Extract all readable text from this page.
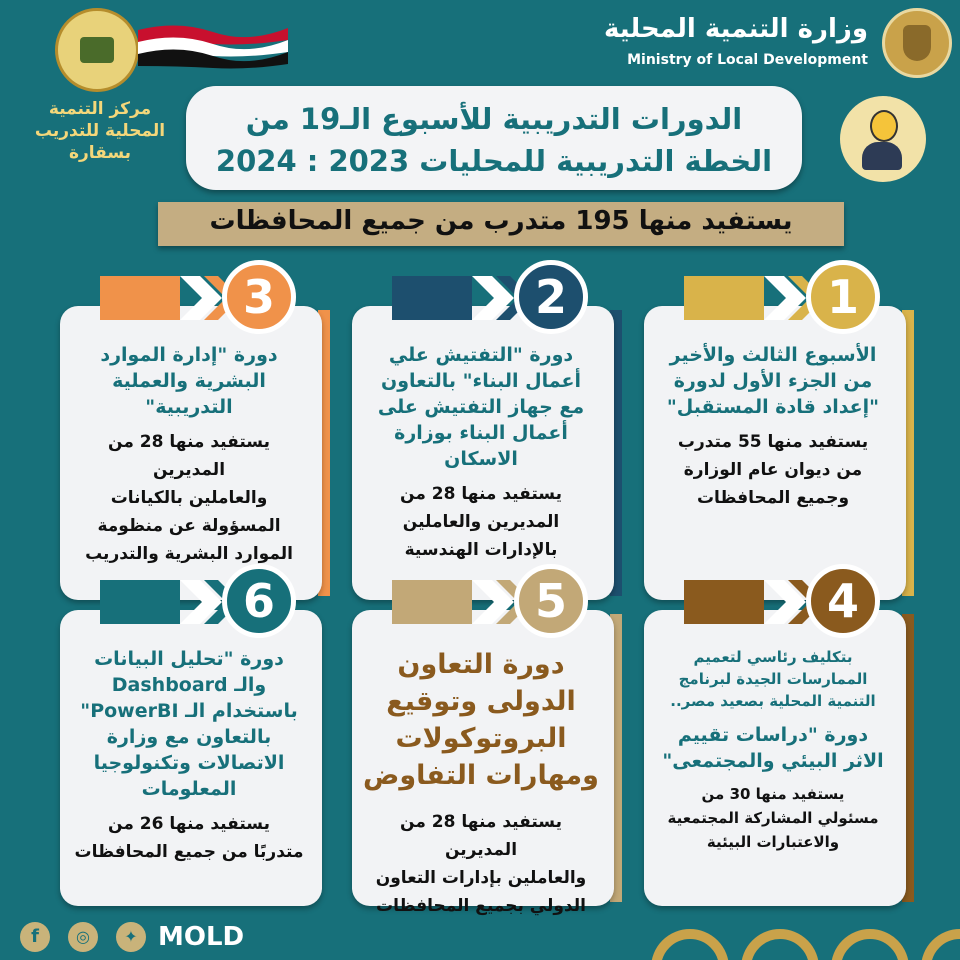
وزارة التنمية المحلية
Ministry of Local Development
مركز التنمية المحلية للتدريب بسقارة
الدورات التدريبية للأسبوع الـ19 من
الخطة التدريبية للمحليات 2023 : 2024
يستفيد منها 195 متدرب من جميع المحافظات
1
الأسبوع الثالث والأخير
من الجزء الأول لدورة
"إعداد قادة المستقبل"
يستفيد منها 55 متدرب
من ديوان عام الوزارة
وجميع المحافظات
2
دورة "التفتيش علي
أعمال البناء" بالتعاون
مع جهاز التفتيش على
أعمال البناء بوزارة
الاسكان
يستفيد منها 28 من
المديرين والعاملين
بالإدارات الهندسية
3
دورة "إدارة الموارد
البشرية والعملية
التدريبية"
يستفيد منها 28 من المديرين
والعاملين بالكيانات
المسؤولة عن منظومة
الموارد البشرية والتدريب
4
بتكليف رئاسي لتعميم
الممارسات الجيدة لبرنامج
التنمية المحلية بصعيد مصر..
دورة "دراسات تقييم
الاثر البيئي والمجتمعى"
يستفيد منها 30 من
مسئولي المشاركة المجتمعية
والاعتبارات البيئية
5
دورة التعاون
الدولى وتوقيع
البروتوكولات
ومهارات التفاوض
يستفيد منها 28 من المديرين
والعاملين بإدارات التعاون
الدولي بجميع المحافظات
6
دورة "تحليل البيانات
والـ Dashboard
باستخدام الـ PowerBI"
بالتعاون مع وزارة
الاتصالات وتكنولوجيا
المعلومات
يستفيد منها 26 من
متدربًا من جميع المحافظات
f	◎	✦ MOLD
